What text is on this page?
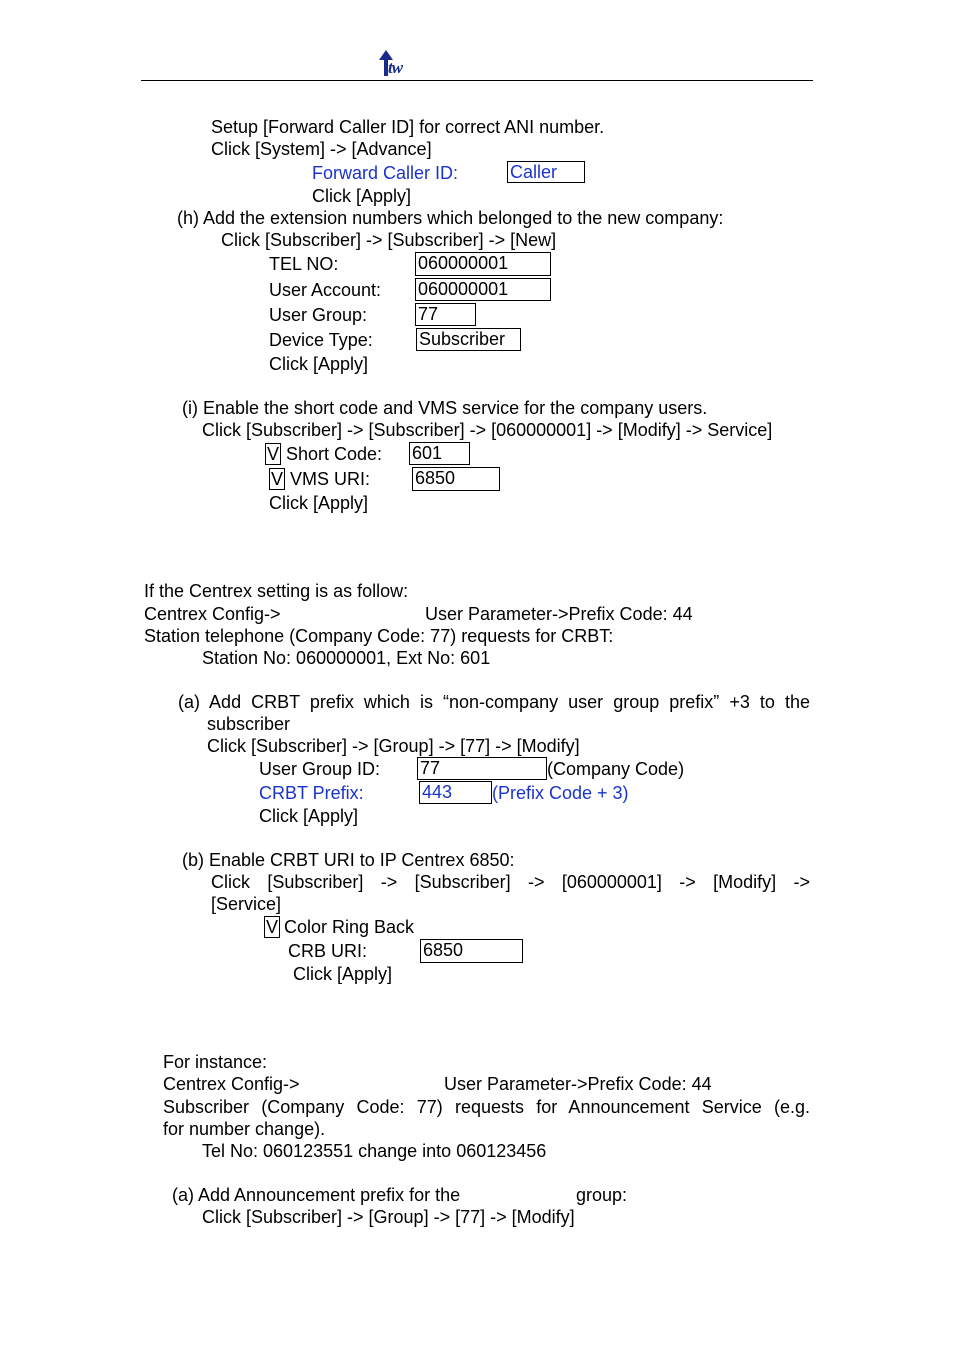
tw
Setup [Forward Caller ID] for correct ANI number.
Click [System] -> [Advance]
Forward Caller ID:	Caller
Click [Apply]
(h) Add the extension numbers which belonged to the new company:
Click [Subscriber] -> [Subscriber] -> [New]
TEL NO:	060000001
User Account: 060000001
User Group:	77
Device Type:	Subscriber
Click [Apply]
(i) Enable the short code and VMS service for the company users.
Click [Subscriber] -> [Subscriber] -> [060000001] -> [Modify] -> Service]
V Short Code: 601
V VMS URI: 6850
Click [Apply]
If the Centrex setting is as follow:
Centrex Config->	User Parameter->Prefix Code: 44
Station telephone (Company Code: 77) requests for CRBT:
Station No: 060000001, Ext No: 601
(a) Add CRBT prefix which is “non-company user group prefix” +3 to the
subscriber
Click [Subscriber] -> [Group] -> [77] -> [Modify]
User Group ID: 77	(Company Code)
CRBT Prefix:	443	(Prefix Code + 3)
Click [Apply]
(b) Enable CRBT URI to IP Centrex 6850:
Click [Subscriber] -> [Subscriber] -> [060000001] -> [Modify] ->
[Service]
V Color Ring Back
CRB URI:	6850
Click [Apply]
For instance:
Centrex Config->	User Parameter->Prefix Code: 44
Subscriber (Company Code: 77) requests for Announcement Service (e.g.
for number change).
Tel No: 060123551 change into 060123456
(a) Add Announcement prefix for the	group:
Click [Subscriber] -> [Group] -> [77] -> [Modify]
